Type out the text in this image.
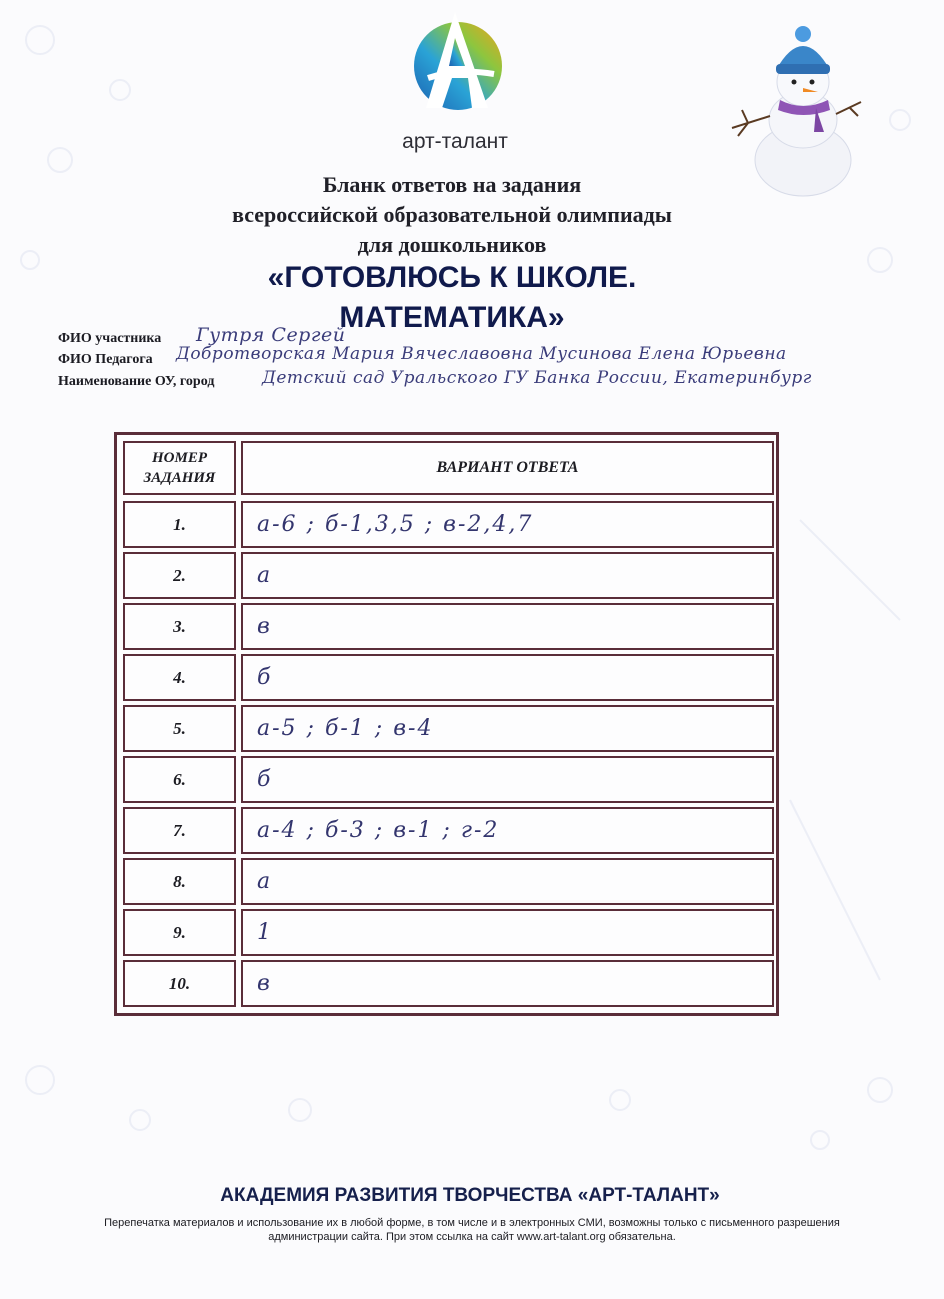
арт-талант

Бланк ответов на задания

всероссийской образовательной олимпиады

для дошкольников

«ГОТОВЛЮСЬ К ШКОЛЕ.
МАТЕМАТИКА»
ФИО участника Гутря Сергей
ФИО Педагога Добротворская Мария Вячеславовна Мусинова Елена Юрьевна
Наименование ОУ, город	Детский сад Уральского ГУ Банка России, Екатеринбург
НОМЕР ЗАДАНИЯ
ВАРИАНТ ОТВЕТА
1.	а-6 ; б-1,3,5 ; в-2,4,7
2.	а
3.	в
4.	б
5.	а-5 ; б-1 ; в-4
6.	б
7.	а-4 ; б-3 ; в-1 ; г-2
8.	а
9.	1
10.	в
АКАДЕМИЯ РАЗВИТИЯ ТВОРЧЕСТВА «АРТ-ТАЛАНТ»
Перепечатка материалов и использование их в любой форме, в том числе и в электронных СМИ, возможны только с письменного разрешения администрации сайта. При этом ссылка на сайт www.art-talant.org обязательна.
